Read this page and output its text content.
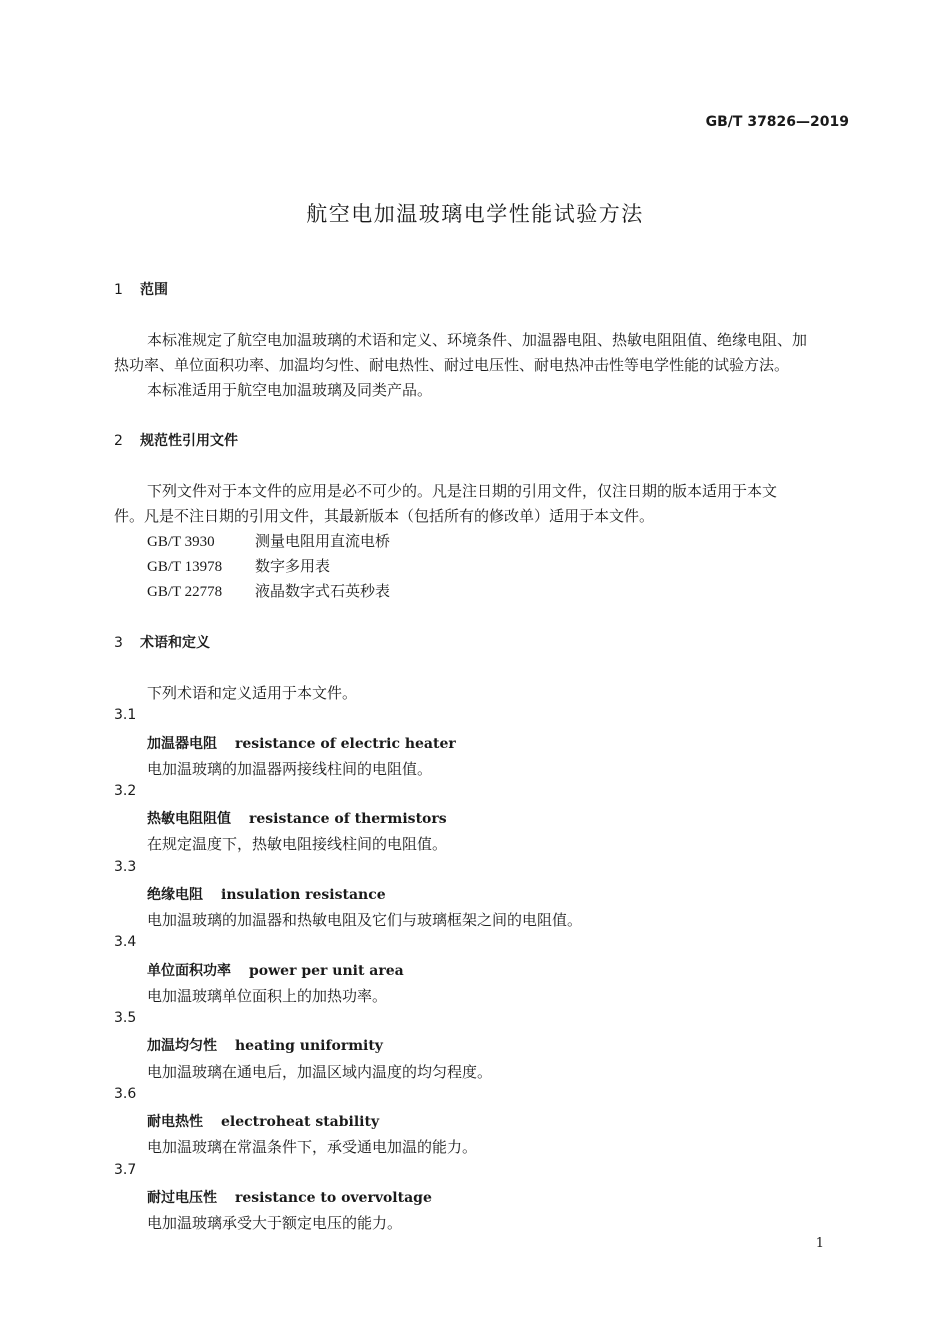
GB/T 37826—2019
航空电加温玻璃电学性能试验方法
1 范围
本标准规定了航空电加温玻璃的术语和定义、环境条件、加温器电阻、热敏电阻阻值、绝缘电阻、加
热功率、单位面积功率、加温均匀性、耐电热性、耐过电压性、耐电热冲击性等电学性能的试验方法。
本标准适用于航空电加温玻璃及同类产品。
2 规范性引用文件
下列文件对于本文件的应用是必不可少的。凡是注日期的引用文件，仅注日期的版本适用于本文
件。凡是不注日期的引用文件，其最新版本（包括所有的修改单）适用于本文件。
GB/T 3930	测量电阻用直流电桥
GB/T 13978 数字多用表
GB/T 22778 液晶数字式石英秒表
3 术语和定义
下列术语和定义适用于本文件。
3.1
加温器电阻 resistance of electric heater
电加温玻璃的加温器两接线柱间的电阻值。
3.2
热敏电阻阻值 resistance of thermistors
在规定温度下，热敏电阻接线柱间的电阻值。
3.3
绝缘电阻 insulation resistance
电加温玻璃的加温器和热敏电阻及它们与玻璃框架之间的电阻值。
3.4
单位面积功率 power per unit area
电加温玻璃单位面积上的加热功率。
3.5
加温均匀性 heating uniformity
电加温玻璃在通电后，加温区域内温度的均匀程度。
3.6
耐电热性 electroheat stability
电加温玻璃在常温条件下，承受通电加温的能力。
3.7
耐过电压性 resistance to overvoltage
电加温玻璃承受大于额定电压的能力。
1
